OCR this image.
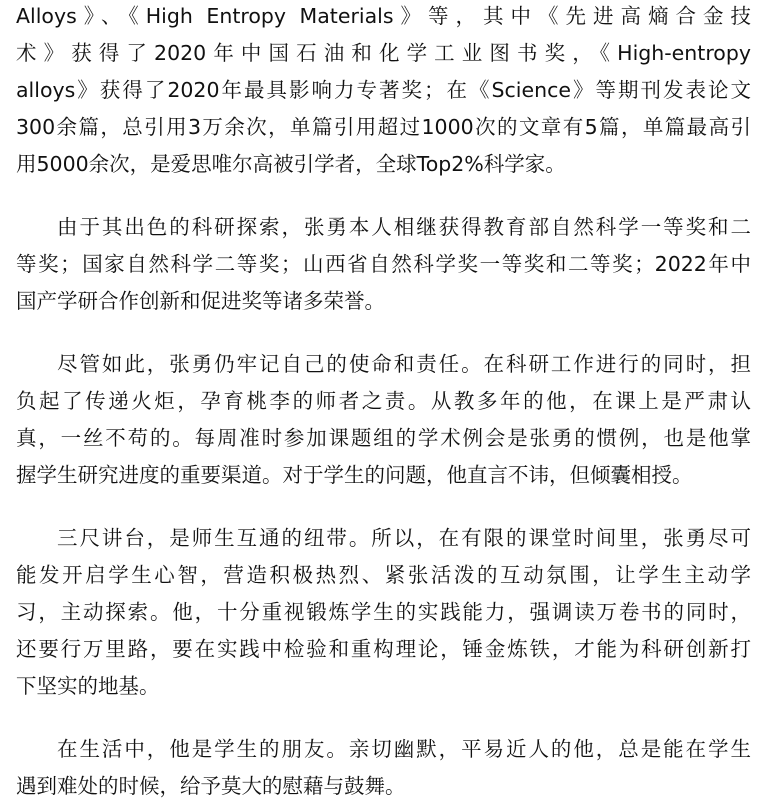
Alloys》、《High Entropy Materials》等，其中《先进高熵合金技
术》获得了2020年中国石油和化学工业图书奖，《High-entropy
alloys》获得了2020年最具影响力专著奖；在《Science》等期刊发表论文
300余篇，总引用3万余次，单篇引用超过1000次的文章有5篇，单篇最高引
用5000余次，是爱思唯尔高被引学者，全球Top2%科学家。
由于其出色的科研探索，张勇本人相继获得教育部自然科学一等奖和二
等奖；国家自然科学二等奖；山西省自然科学奖一等奖和二等奖；2022年中
国产学研合作创新和促进奖等诸多荣誉。
尽管如此，张勇仍牢记自己的使命和责任。在科研工作进行的同时，担
负起了传递火炬，孕育桃李的师者之责。从教多年的他，在课上是严肃认
真，一丝不苟的。每周准时参加课题组的学术例会是张勇的惯例，也是他掌
握学生研究进度的重要渠道。对于学生的问题，他直言不讳，但倾囊相授。
三尺讲台，是师生互通的纽带。所以，在有限的课堂时间里，张勇尽可
能发开启学生心智，营造积极热烈、紧张活泼的互动氛围，让学生主动学
习，主动探索。他，十分重视锻炼学生的实践能力，强调读万卷书的同时，
还要行万里路，要在实践中检验和重构理论，锤金炼铁，才能为科研创新打
下坚实的地基。
在生活中，他是学生的朋友。亲切幽默，平易近人的他，总是能在学生
遇到难处的时候，给予莫大的慰藉与鼓舞。
